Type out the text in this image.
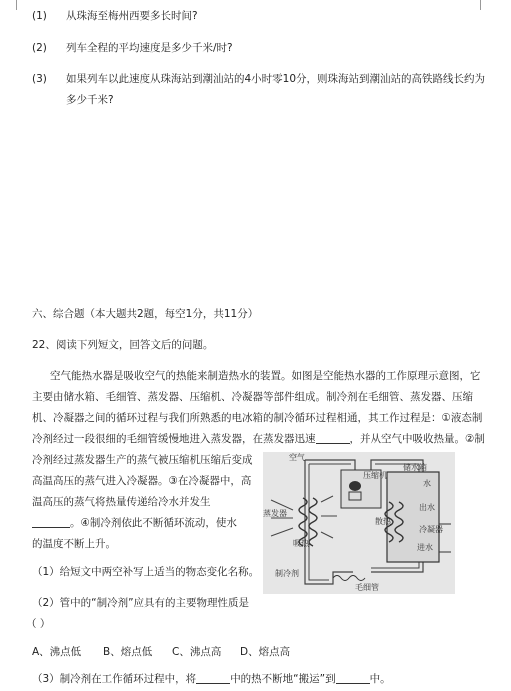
(1) 从珠海至梅州西要多长时间?
(2) 列车全程的平均速度是多少千米/时?
(3) 如果列车以此速度从珠海站到潮汕站的4小时零10分，则珠海站到潮汕站的高铁路线长约为
多少千米?
六、综合题（本大题共2题，每空1分，共11分）
22、阅读下列短文，回答文后的问题。
空气能热水器是吸收空气的热能来制造热水的装置。如图是空能热水器的工作原理示意图，它
主要由储水箱、毛细管、蒸发器、压缩机、冷凝器等部件组成。制冷剂在毛细管、蒸发器、压缩
机、冷凝器之间的循环过程与我们所熟悉的电冰箱的制冷循环过程相通，其工作过程是：①液态制
冷剂经过一段很细的毛细管缓慢地进入蒸发器，在蒸发器迅速	，并从空气中吸收热量。②制
冷剂经过蒸发器生产的蒸气被压缩机压缩后变成
高温高压的蒸气进入冷凝器。③在冷凝器中，高
温高压的蒸气将热量传递给冷水并发生
。④制冷剂依此不断循环流动，使水
的温度不断上升。
（1）给短文中两空补写上适当的物态变化名称。
（2）管中的“制冷剂”应具有的主要物理性质是
（ ）
A、沸点低 B、熔点低 C、沸点高 D、熔点高
（3）制冷剂在工作循环过程中，将	中的热不断地“搬运”到	中。
空气
压缩机
储水箱
水
出水
蒸发器
散热
冷凝器
吸热	进水
制冷剂
毛细管
